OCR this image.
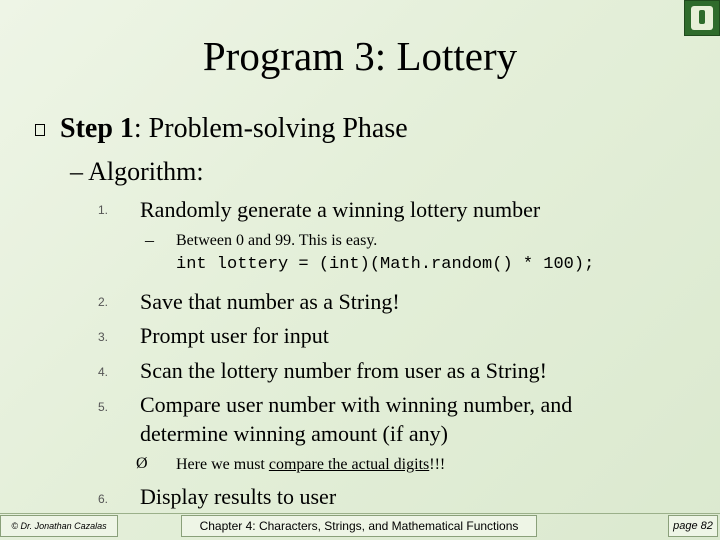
Program 3: Lottery
Step 1: Problem-solving Phase
– Algorithm:
1. Randomly generate a winning lottery number
– Between 0 and 99. This is easy.
int lottery = (int)(Math.random() * 100);
2. Save that number as a String!
3. Prompt user for input
4. Scan the lottery number from user as a String!
5. Compare user number with winning number, and
determine winning amount (if any)
Ø Here we must compare the actual digits!!!
6. Display results to user
© Dr. Jonathan Cazalas	Chapter 4: Characters, Strings, and Mathematical Functions	page 82
